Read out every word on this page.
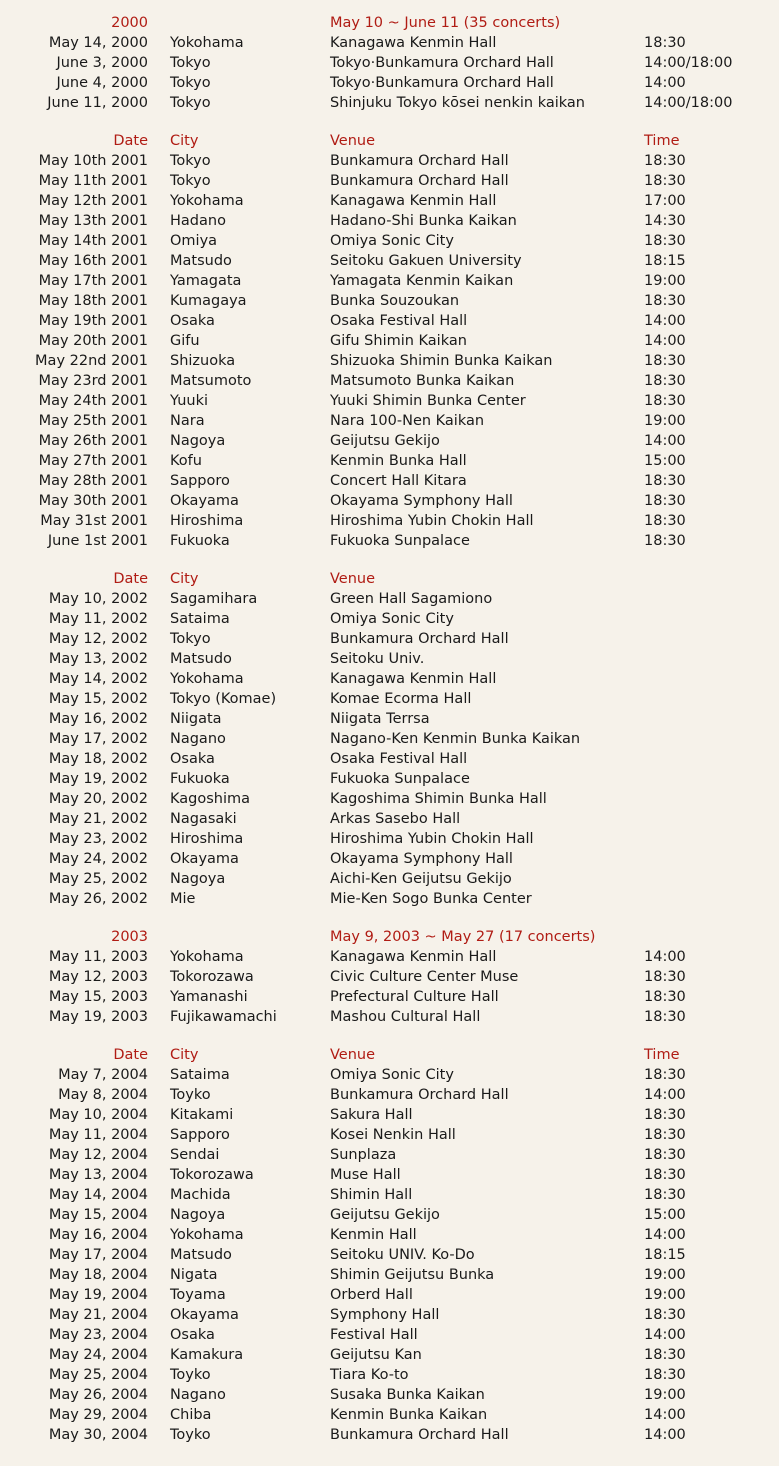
2000		May 10 ~ June 11 (35 concerts)	
May 14, 2000	Yokohama	Kanagawa Kenmin Hall	18:30
June 3, 2000	Tokyo	Tokyo·Bunkamura Orchard Hall	14:00/18:00
June 4, 2000	Tokyo	Tokyo·Bunkamura Orchard Hall	14:00
June 11, 2000	Tokyo	Shinjuku Tokyo kōsei nenkin kaikan	14:00/18:00

Date	City	Venue	Time
May 10th 2001	Tokyo	Bunkamura Orchard Hall	18:30
May 11th 2001	Tokyo	Bunkamura Orchard Hall	18:30
May 12th 2001	Yokohama	Kanagawa Kenmin Hall	17:00
May 13th 2001	Hadano	Hadano-Shi Bunka Kaikan	14:30
May 14th 2001	Omiya	Omiya Sonic City	18:30
May 16th 2001	Matsudo	Seitoku Gakuen University	18:15
May 17th 2001	Yamagata	Yamagata Kenmin Kaikan	19:00
May 18th 2001	Kumagaya	Bunka Souzoukan	18:30
May 19th 2001	Osaka	Osaka Festival Hall	14:00
May 20th 2001	Gifu	Gifu Shimin Kaikan	14:00
May 22nd 2001	Shizuoka	Shizuoka Shimin Bunka Kaikan	18:30
May 23rd 2001	Matsumoto	Matsumoto Bunka Kaikan	18:30
May 24th 2001	Yuuki	Yuuki Shimin Bunka Center	18:30
May 25th 2001	Nara	Nara 100-Nen Kaikan	19:00
May 26th 2001	Nagoya	Geijutsu Gekijo	14:00
May 27th 2001	Kofu	Kenmin Bunka Hall	15:00
May 28th 2001	Sapporo	Concert Hall Kitara	18:30
May 30th 2001	Okayama	Okayama Symphony Hall	18:30
May 31st 2001	Hiroshima	Hiroshima Yubin Chokin Hall	18:30
June 1st 2001	Fukuoka	Fukuoka Sunpalace	18:30

Date	City	Venue	
May 10, 2002	Sagamihara	Green Hall Sagamiono	
May 11, 2002	Sataima	Omiya Sonic City	
May 12, 2002	Tokyo	Bunkamura Orchard Hall	
May 13, 2002	Matsudo	Seitoku Univ.	
May 14, 2002	Yokohama	Kanagawa Kenmin Hall	
May 15, 2002	Tokyo (Komae)	Komae Ecorma Hall	
May 16, 2002	Niigata	Niigata Terrsa	
May 17, 2002	Nagano	Nagano-Ken Kenmin Bunka Kaikan	
May 18, 2002	Osaka	Osaka Festival Hall	
May 19, 2002	Fukuoka	Fukuoka Sunpalace	
May 20, 2002	Kagoshima	Kagoshima Shimin Bunka Hall	
May 21, 2002	Nagasaki	Arkas Sasebo Hall	
May 23, 2002	Hiroshima	Hiroshima Yubin Chokin Hall	
May 24, 2002	Okayama	Okayama Symphony Hall	
May 25, 2002	Nagoya	Aichi-Ken Geijutsu Gekijo	
May 26, 2002	Mie	Mie-Ken Sogo Bunka Center	

2003		May 9, 2003 ~ May 27 (17 concerts)	
May 11, 2003	Yokohama	Kanagawa Kenmin Hall	14:00
May 12, 2003	Tokorozawa	Civic Culture Center Muse	18:30
May 15, 2003	Yamanashi	Prefectural Culture Hall	18:30
May 19, 2003	Fujikawamachi	Mashou Cultural Hall	18:30

Date	City	Venue	Time
May 7, 2004	Sataima	Omiya Sonic City	18:30
May 8, 2004	Toyko	Bunkamura Orchard Hall	14:00
May 10, 2004	Kitakami	Sakura Hall	18:30
May 11, 2004	Sapporo	Kosei Nenkin Hall	18:30
May 12, 2004	Sendai	Sunplaza	18:30
May 13, 2004	Tokorozawa	Muse Hall	18:30
May 14, 2004	Machida	Shimin Hall	18:30
May 15, 2004	Nagoya	Geijutsu Gekijo	15:00
May 16, 2004	Yokohama	Kenmin Hall	14:00
May 17, 2004	Matsudo	Seitoku UNIV. Ko-Do	18:15
May 18, 2004	Nigata	Shimin Geijutsu Bunka	19:00
May 19, 2004	Toyama	Orberd Hall	19:00
May 21, 2004	Okayama	Symphony Hall	18:30
May 23, 2004	Osaka	Festival Hall	14:00
May 24, 2004	Kamakura	Geijutsu Kan	18:30
May 25, 2004	Toyko	Tiara Ko-to	18:30
May 26, 2004	Nagano	Susaka Bunka Kaikan	19:00
May 29, 2004	Chiba	Kenmin Bunka Kaikan	14:00
May 30, 2004	Toyko	Bunkamura Orchard Hall	14:00
